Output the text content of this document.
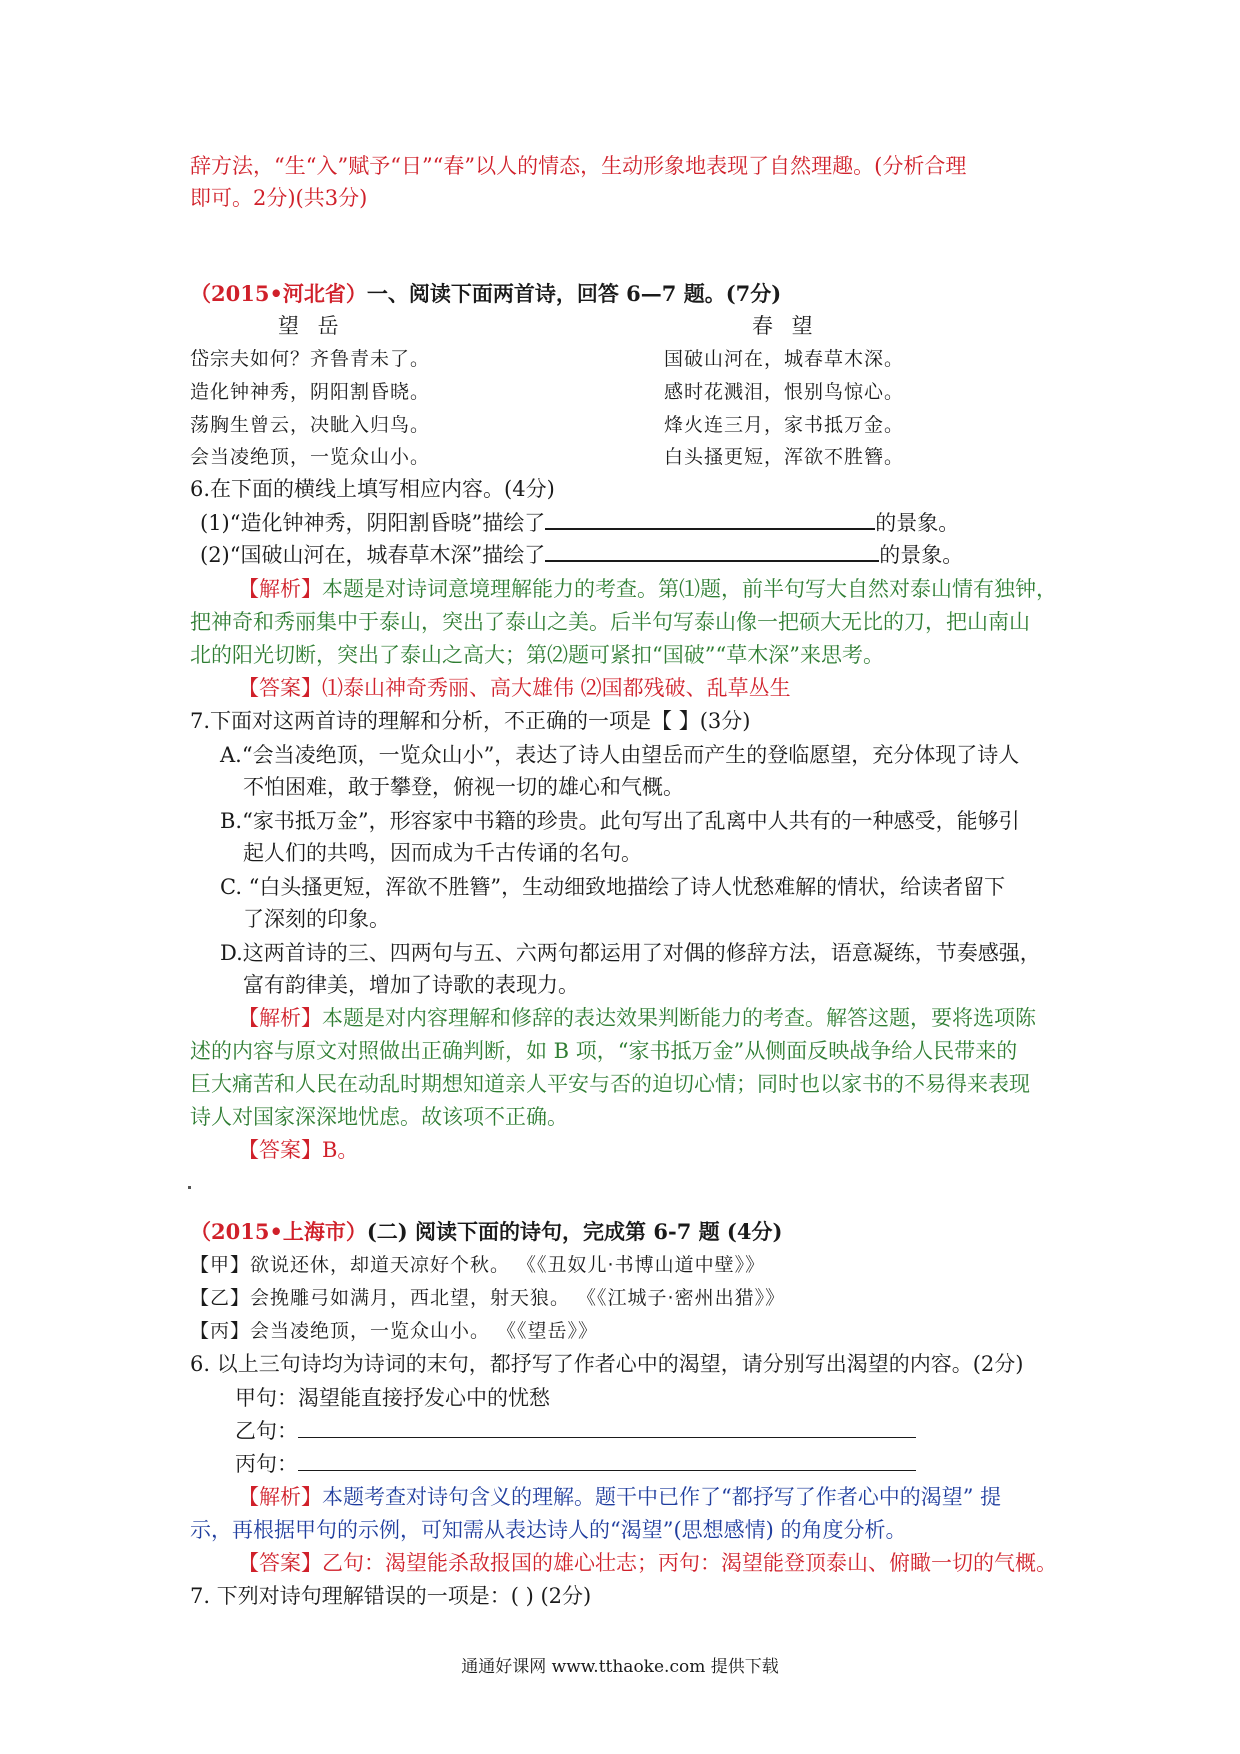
辞方法，“生“入”赋予“日”“春”以人的情态，生动形象地表现了自然理趣。(分析合理
即可。2分)(共3分)
（2015•河北省）一、阅读下面两首诗，回答 6—7 题。(7分)
望 岳	春 望
岱宗夫如何？齐鲁青未了。
造化钟神秀，阴阳割昏晓。
荡胸生曾云，决眦入归鸟。
会当凌绝顶，一览众山小。
国破山河在，城春草木深。
感时花溅泪，恨别鸟惊心。
烽火连三月，家书抵万金。
白头搔更短，浑欲不胜簪。
6.在下面的横线上填写相应内容。(4分)
(1)“造化钟神秀，阴阳割昏晓”描绘了	的景象。
(2)“国破山河在，城春草木深”描绘了	的景象。
【解析】本题是对诗词意境理解能力的考查。第⑴题，前半句写大自然对泰山情有独钟，
把神奇和秀丽集中于泰山，突出了泰山之美。后半句写泰山像一把硕大无比的刀，把山南山
北的阳光切断，突出了泰山之高大；第⑵题可紧扣“国破”“草木深”来思考。
【答案】⑴泰山神奇秀丽、高大雄伟 ⑵国都残破、乱草丛生
7.下面对这两首诗的理解和分析，不正确的一项是【 】(3分)
A.“会当凌绝顶，一览众山小”，表达了诗人由望岳而产生的登临愿望，充分体现了诗人
不怕困难，敢于攀登，俯视一切的雄心和气概。
B.“家书抵万金”，形容家中书籍的珍贵。此句写出了乱离中人共有的一种感受，能够引
起人们的共鸣，因而成为千古传诵的名句。
C. “白头搔更短，浑欲不胜簪”，生动细致地描绘了诗人忧愁难解的情状，给读者留下
了深刻的印象。
D.这两首诗的三、四两句与五、六两句都运用了对偶的修辞方法，语意凝练，节奏感强，
富有韵律美，增加了诗歌的表现力。
【解析】本题是对内容理解和修辞的表达效果判断能力的考查。解答这题，要将选项陈
述的内容与原文对照做出正确判断，如 B 项，“家书抵万金”从侧面反映战争给人民带来的
巨大痛苦和人民在动乱时期想知道亲人平安与否的迫切心情；同时也以家书的不易得来表现
诗人对国家深深地忧虑。故该项不正确。
【答案】B。
（2015•上海市）(二) 阅读下面的诗句，完成第 6-7 题 (4分)
【甲】欲说还休，却道天凉好个秋。 《《丑奴儿·书博山道中壁》》
【乙】会挽雕弓如满月，西北望，射天狼。 《《江城子·密州出猎》》
【丙】会当凌绝顶，一览众山小。 《《望岳》》
6. 以上三句诗均为诗词的末句，都抒写了作者心中的渴望，请分别写出渴望的内容。(2分)
甲句：渴望能直接抒发心中的忧愁
乙句：
丙句：
【解析】本题考查对诗句含义的理解。题干中已作了“都抒写了作者心中的渴望” 提
示，再根据甲句的示例，可知需从表达诗人的“渴望”(思想感情) 的角度分析。
【答案】乙句：渴望能杀敌报国的雄心壮志；丙句：渴望能登顶泰山、俯瞰一切的气概。
7. 下列对诗句理解错误的一项是：( ) (2分)
通通好课网 www.tthaoke.com 提供下载
